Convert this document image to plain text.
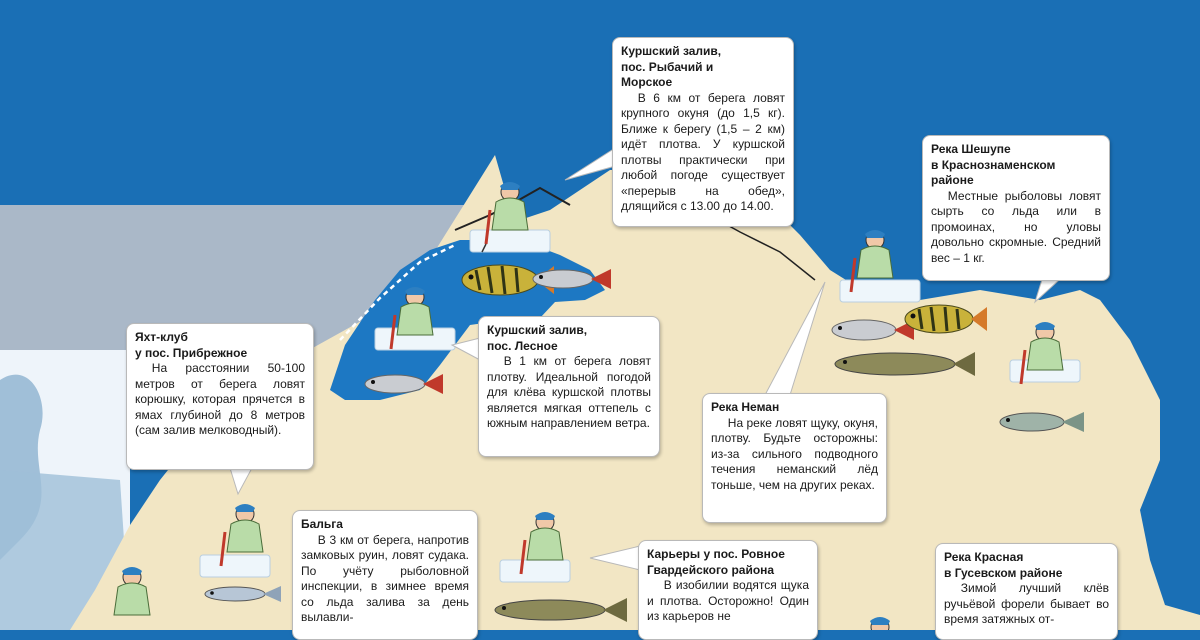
Куршский залив,
пос. Рыбачий и
Морское
В 6 км от берега ловят крупного окуня (до 1,5 кг). Ближе к берегу (1,5 – 2 км) идёт плотва. У куршской плотвы практически при любой погоде существует «перерыв на обед», длящийся с 13.00 до 14.00.
Река Шешупе
в Краснознаменском
районе
Местные рыболовы ловят сырть со льда или в промоинах, но уловы довольно скромные. Средний вес – 1 кг.
Яхт-клуб
у пос. Прибрежное
На расстоянии 50-100 метров от берега ловят корюшку, которая прячется в ямах глубиной до 8 метров (сам залив мелководный).
Куршский залив,
пос. Лесное
В 1 км от берега ловят плотву. Идеальной погодой для клёва куршской плотвы является мягкая оттепель с южным направлением ветра.
Река Неман
На реке ловят щуку, окуня, плотву. Будьте осторожны: из-за сильного подводного течения неманский лёд тоньше, чем на других реках.
Бальга
В 3 км от берега, напротив замковых руин, ловят судака. По учёту рыболовной инспекции, в зимнее время со льда залива за день вылавли-
Карьеры у пос. Ровное
Гвардейского района
В изобилии водятся щука и плотва. Осторожно! Один из карьеров не
Река Красная
в Гусевском районе
Зимой лучший клёв ручьёвой форели бывает во время затяжных от-
